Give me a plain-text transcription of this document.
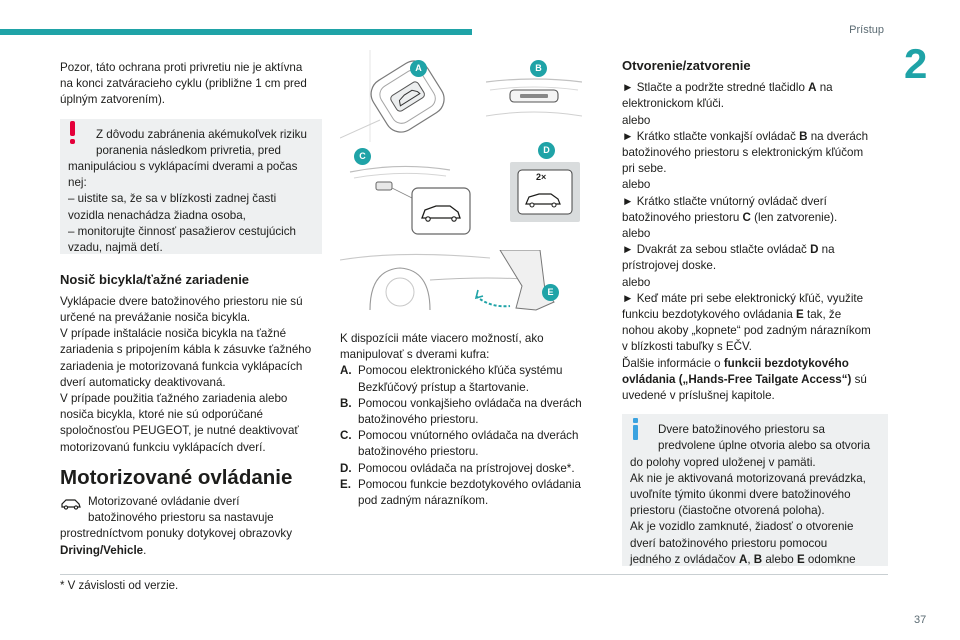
Prístup
2

Pozor, táto ochrana proti privretiu nie je aktívna

na konci zatváracieho cyklu (približne 1 cm pred

úplným zatvorením).

Z dôvodu zabránenia akémukoľvek riziku

poranenia následkom privretia, pred

manipuláciou s vyklápacími dverami a počas

nej:

– uistite sa, že sa v blízkosti zadnej časti

vozidla nenachádza žiadna osoba,

– monitorujte činnosť pasažierov cestujúcich

vzadu, najmä detí.

Nosič bicykla/ťažné zariadenie

Vyklápacie dvere batožinového priestoru nie sú

určené na prevážanie nosiča bicykla.

V prípade inštalácie nosiča bicykla na ťažné

zariadenia s pripojením kábla k zásuvke ťažného

zariadenia je motorizovaná funkcia vyklápacích

dverí automaticky deaktivovaná.

V prípade použitia ťažného zariadenia alebo

nosiča bicykla, ktoré nie sú odporúčané

spoločnosťou PEUGEOT, je nutné deaktivovať

motorizovanú funkciu vyklápacích dverí.

Motorizované ovládanie

Motorizované ovládanie dverí

batožinového priestoru sa nastavuje

prostredníctvom ponuky dotykovej obrazovky

Driving/Vehicle.

A	B
C
2×
D
E

K dispozícii máte viacero možností, ako

manipulovať s dverami kufra:

A. Pomocou elektronického kľúča systému

Bezkľúčový prístup a štartovanie.

B. Pomocou vonkajšieho ovládača na dverách

batožinového priestoru.

C. Pomocou vnútorného ovládača na dverách

batožinového priestoru.

D. Pomocou ovládača na prístrojovej doske*.

E. Pomocou funkcie bezdotykového ovládania

pod zadným nárazníkom.

Otvorenie/zatvorenie

► Stlačte a podržte stredné tlačidlo A na

elektronickom kľúči.

alebo

► Krátko stlačte vonkajší ovládač B na dverách

batožinového priestoru s elektronickým kľúčom

pri sebe.

alebo

► Krátko stlačte vnútorný ovládač dverí

batožinového priestoru C (len zatvorenie).

alebo

► Dvakrát za sebou stlačte ovládač D na

prístrojovej doske.

alebo

► Keď máte pri sebe elektronický kľúč, využite

funkciu bezdotykového ovládania E tak, že

nohou akoby „kopnete“ pod zadným nárazníkom

v blízkosti tabuľky s EČV.

Ďalšie informácie o funkcii bezdotykového

ovládania („Hands-Free Tailgate Access“) sú

uvedené v príslušnej kapitole.

Dvere batožinového priestoru sa

predvolene úplne otvoria alebo sa otvoria

do polohy vopred uloženej v pamäti.

Ak nie je aktivovaná motorizovaná prevádzka,

uvoľníte týmito úkonmi dvere batožinového

priestoru (čiastočne otvorená poloha).

Ak je vozidlo zamknuté, žiadosť o otvorenie

dverí batožinového priestoru pomocou

jedného z ovládačov A, B alebo E odomkne

* V závislosti od verzie.
37
